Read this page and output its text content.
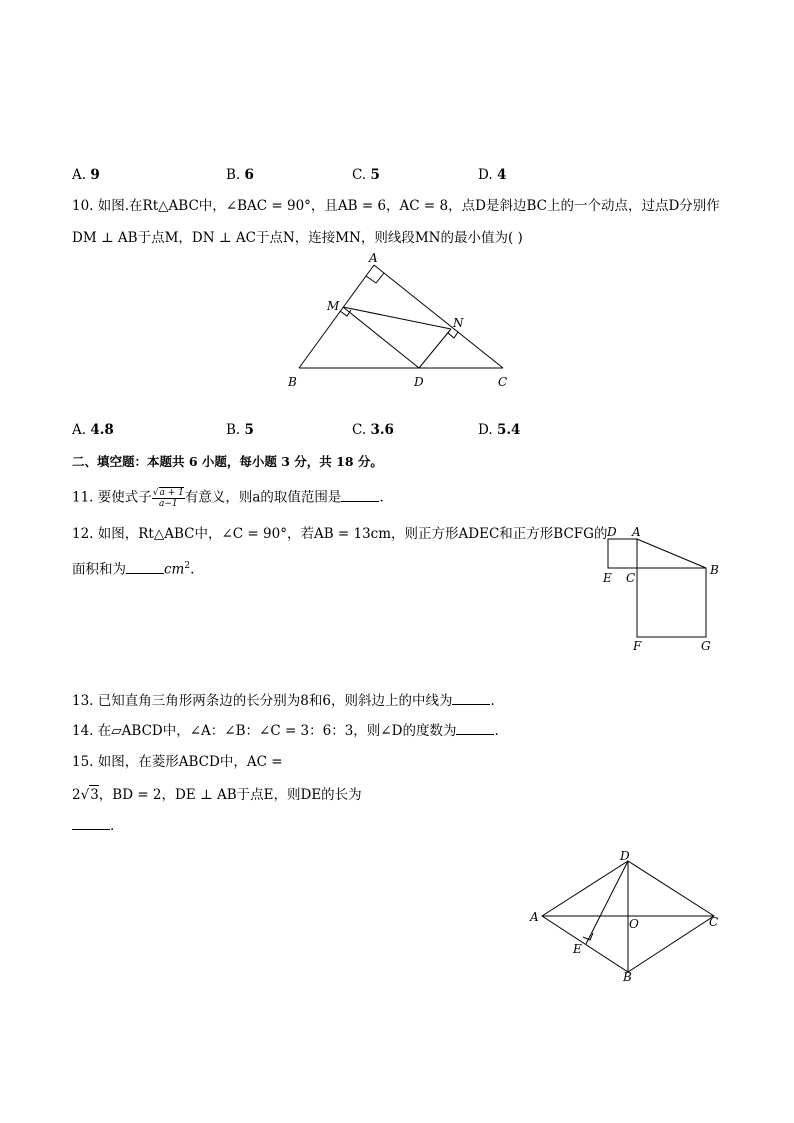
A. 9	B. 6	C. 5	D. 4
10. 如图.在Rt△ABC中，∠BAC = 90°，且AB = 6，AC = 8，点D是斜边BC上的一个动点，过点D分别作
DM ⊥ AB于点M，DN ⊥ AC于点N，连接MN，则线段MN的最小值为( )
A
M
N
B	D	C
A. 4.8	B. 5	C. 3.6	D. 5.4
二、填空题：本题共 6 小题，每小题 3 分，共 18 分。
11. 要使式子 $\frac{√a + 1}{a-1}$ 有意义，则a的取值范围是	.
12. 如图，Rt△ABC中，∠C = 90°，若AB = 13cm，则正方形ADEC和正方形BCFG的
面积和为	$cm^2$.
D A
E C
B
F	G
13. 已知直角三角形两条边的长分别为8和6，则斜边上的中线为	.
14. 在▱ABCD中，∠A：∠B：∠C = 3：6：3，则∠D的度数为	.
15. 如图，在菱形ABCD中，AC =
2√3，BD = 2，DE ⊥ AB于点E，则DE的长为
.
D
A	O	C
E
B
